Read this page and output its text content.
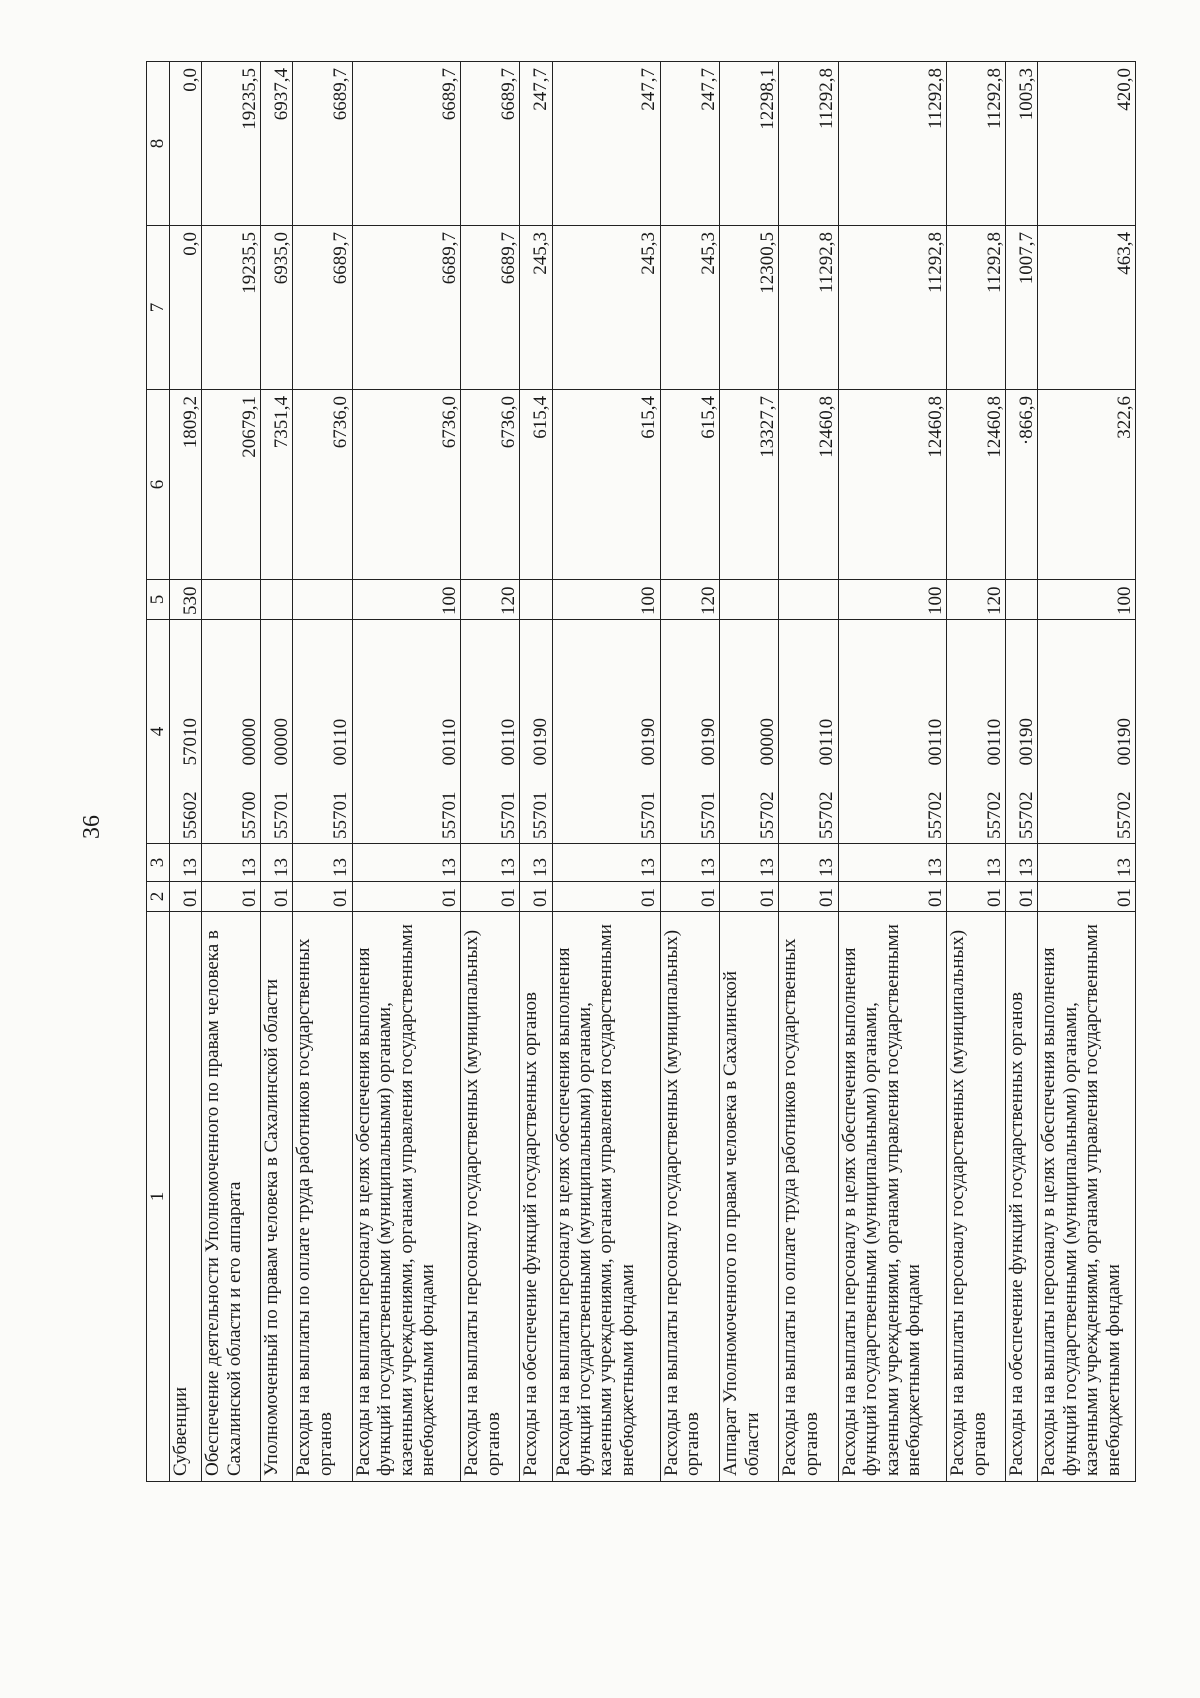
36
1	2	3	4	5	6	7	8
Субвенции	01	13	5560257010	530	1809,2	0,0	0,0
Обеспечение деятельности Уполномоченного по правам человека в Сахалинской области и его аппарата	01	13	5570000000		20679,1	19235,5	19235,5
Уполномоченный по правам человека в Сахалинской области	01	13	5570100000		7351,4	6935,0	6937,4
Расходы на выплаты по оплате труда работников государственных органов	01	13	5570100110		6736,0	6689,7	6689,7
Расходы на выплаты персоналу в целях обеспечения выполнения функций государственными (муниципальными) органами, казенными учреждениями, органами управления государственными внебюджетными фондами	01	13	5570100110	100	6736,0	6689,7	6689,7
Расходы на выплаты персоналу государственных (муниципальных) органов	01	13	5570100110	120	6736,0	6689,7	6689,7
Расходы на обеспечение функций государственных органов	01	13	5570100190		615,4	245,3	247,7
Расходы на выплаты персоналу в целях обеспечения выполнения функций государственными (муниципальными) органами, казенными учреждениями, органами управления государственными внебюджетными фондами	01	13	5570100190	100	615,4	245,3	247,7
Расходы на выплаты персоналу государственных (муниципальных) органов	01	13	5570100190	120	615,4	245,3	247,7
Аппарат Уполномоченного по правам человека в Сахалинской области	01	13	5570200000		13327,7	12300,5	12298,1
Расходы на выплаты по оплате труда работников государственных органов	01	13	5570200110		12460,8	11292,8	11292,8
Расходы на выплаты персоналу в целях обеспечения выполнения функций государственными (муниципальными) органами, казенными учреждениями, органами управления государственными внебюджетными фондами	01	13	5570200110	100	12460,8	11292,8	11292,8
Расходы на выплаты персоналу государственных (муниципальных) органов	01	13	5570200110	120	12460,8	11292,8	11292,8
Расходы на обеспечение функций государственных органов	01	13	5570200190		·866,9	1007,7	1005,3
Расходы на выплаты персоналу в целях обеспечения выполнения функций государственными (муниципальными) органами, казенными учреждениями, органами управления государственными внебюджетными фондами	01	13	5570200190	100	322,6	463,4	420,0
